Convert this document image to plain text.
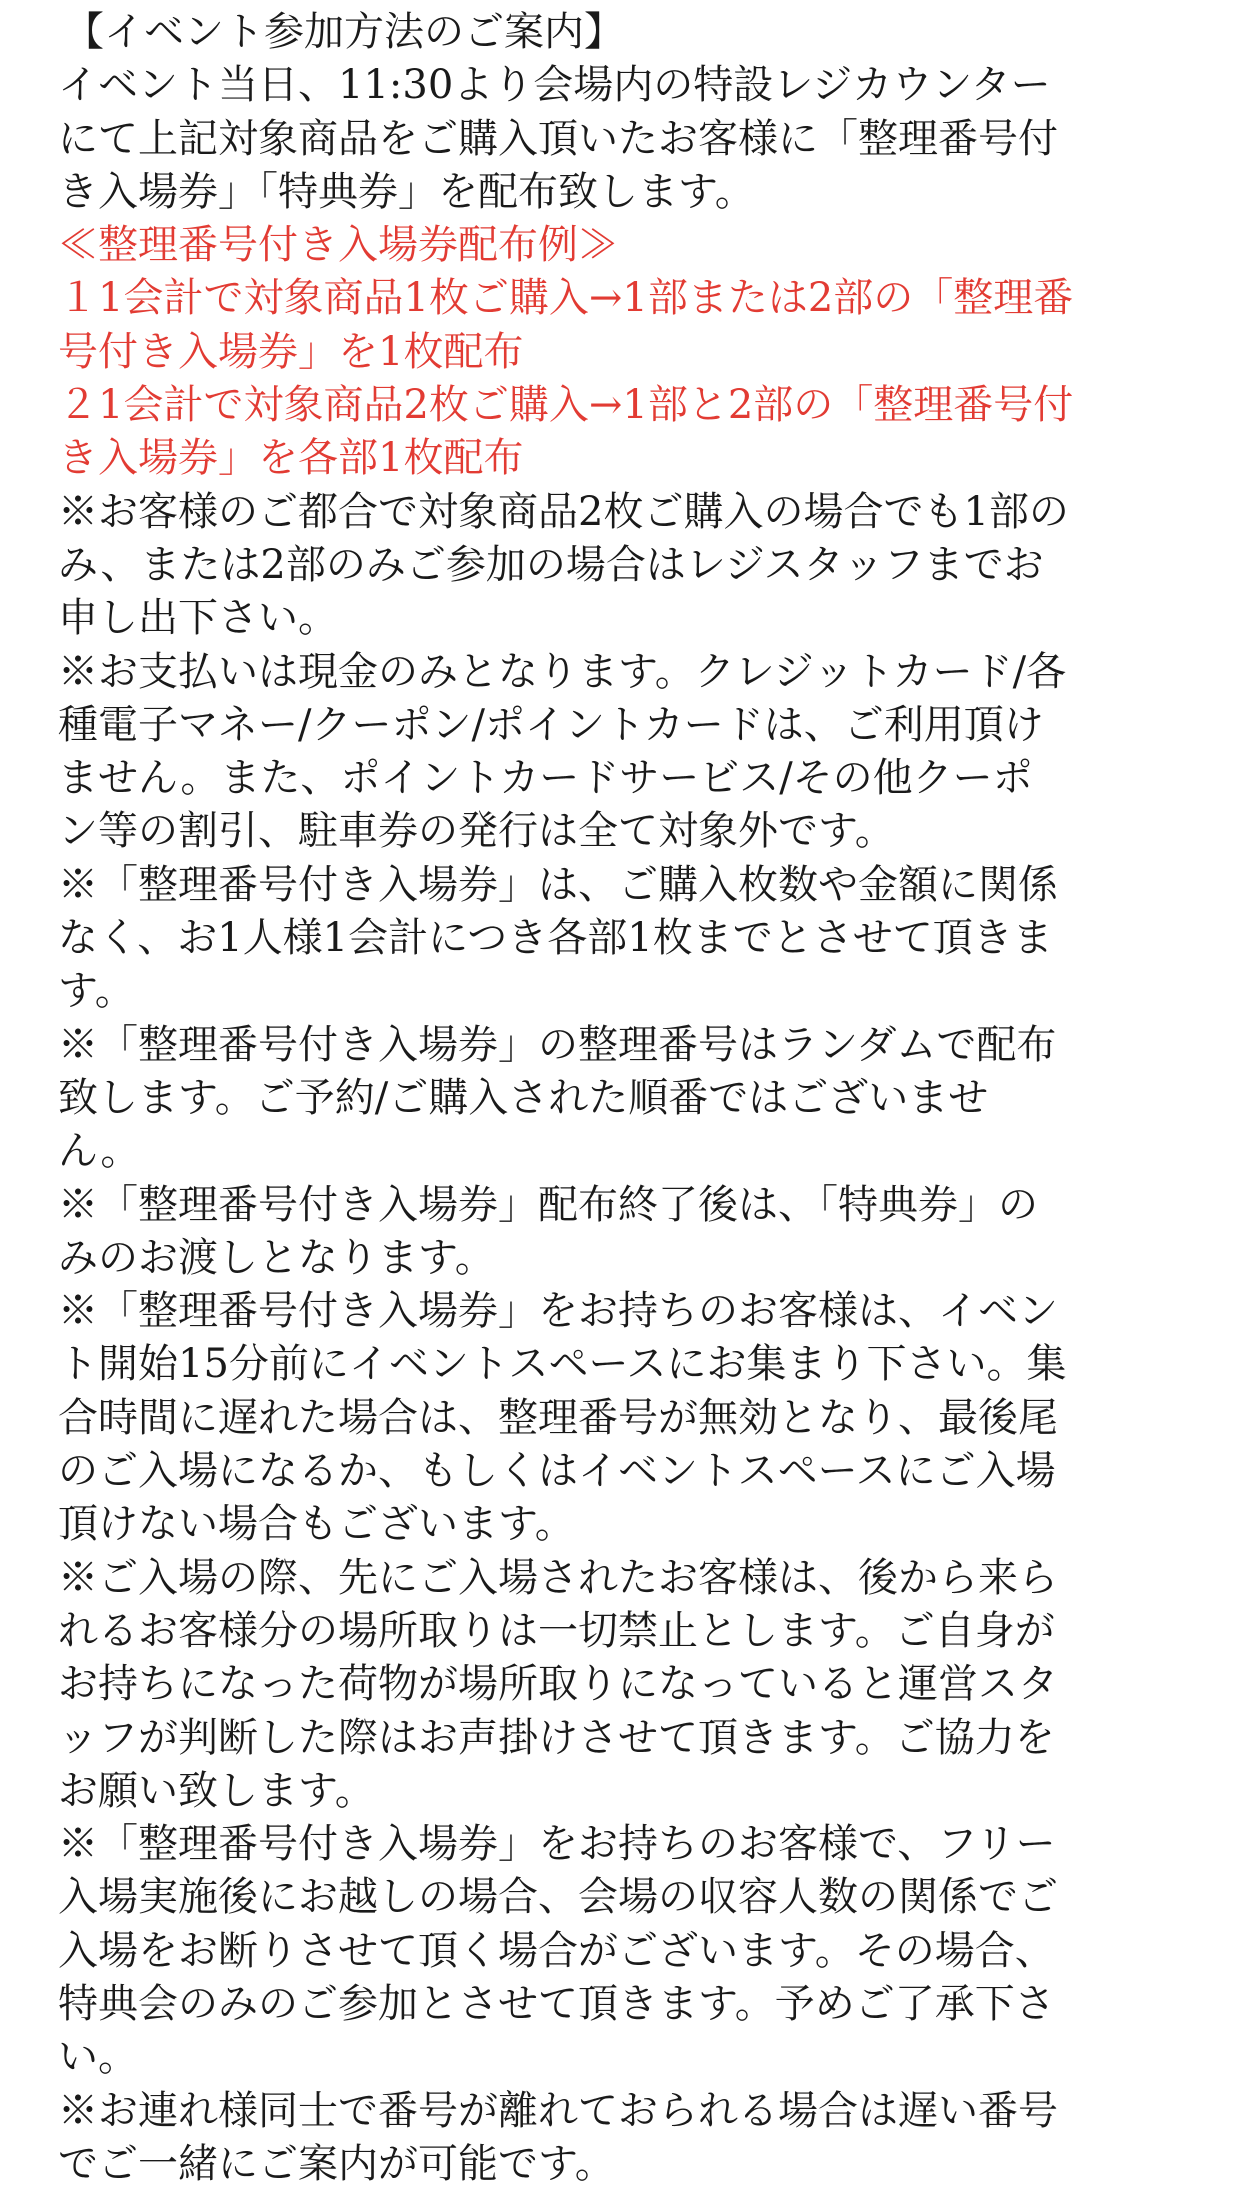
【イベント参加方法のご案内】
イベント当日、11:30より会場内の特設レジカウンター
にて上記対象商品をご購入頂いたお客様に「整理番号付
き入場券」「特典券」を配布致します。
≪整理番号付き入場券配布例≫
１1会計で対象商品1枚ご購入→1部または2部の「整理番
号付き入場券」を1枚配布
２1会計で対象商品2枚ご購入→1部と2部の「整理番号付
き入場券」を各部1枚配布
※お客様のご都合で対象商品2枚ご購入の場合でも1部の
み、または2部のみご参加の場合はレジスタッフまでお
申し出下さい。
※お支払いは現金のみとなります。クレジットカード/各
種電子マネー/クーポン/ポイントカードは、ご利用頂け
ません。また、ポイントカードサービス/その他クーポ
ン等の割引、駐車券の発行は全て対象外です。
※「整理番号付き入場券」は、ご購入枚数や金額に関係
なく、お1人様1会計につき各部1枚までとさせて頂きま
す。
※「整理番号付き入場券」の整理番号はランダムで配布
致します。ご予約/ご購入された順番ではございませ
ん。
※「整理番号付き入場券」配布終了後は、「特典券」の
みのお渡しとなります。
※「整理番号付き入場券」をお持ちのお客様は、イベン
ト開始15分前にイベントスペースにお集まり下さい。集
合時間に遅れた場合は、整理番号が無効となり、最後尾
のご入場になるか、もしくはイベントスペースにご入場
頂けない場合もございます。
※ご入場の際、先にご入場されたお客様は、後から来ら
れるお客様分の場所取りは一切禁止とします。ご自身が
お持ちになった荷物が場所取りになっていると運営スタ
ッフが判断した際はお声掛けさせて頂きます。ご協力を
お願い致します。
※「整理番号付き入場券」をお持ちのお客様で、フリー
入場実施後にお越しの場合、会場の収容人数の関係でご
入場をお断りさせて頂く場合がございます。その場合、
特典会のみのご参加とさせて頂きます。予めご了承下さ
い。
※お連れ様同士で番号が離れておられる場合は遅い番号
でご一緒にご案内が可能です。
